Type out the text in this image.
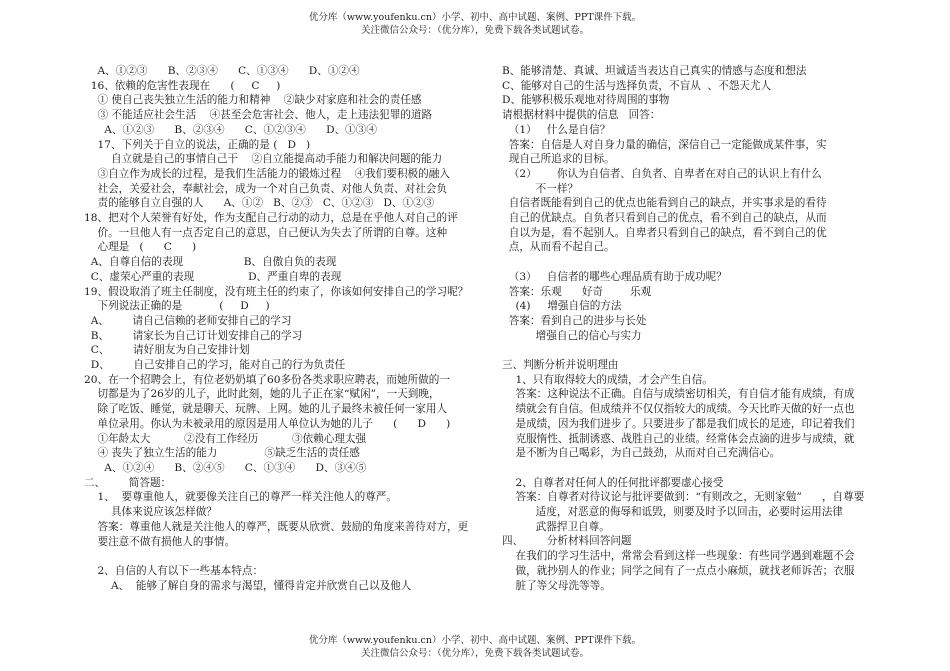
优分库（www.youfenku.cn）小学、初中、高中试题、案例、PPT课件下载。
关注微信公众号：（优分库），免费下载各类试题试卷。
A、①②③      B、②③④      C、①③④      D、①②④
16、依赖的危害性表现在      (     C     )
① 使自己丧失独立生活的能力和精神    ②缺少对家庭和社会的责任感
③ 不能适应社会生活    ④甚至会危害社会、他人，走上违法犯罪的道路
A、①②③      B、②③④      C、①②③④      D、①③④
17、下列关于自立的说法，正确的是 (   D   )
自立就是自己的事情自己干    ②自立能提高动手能力和解决问题的能力
③自立作为成长的过程，是我们生活能力的锻炼过程    ④我们要积极的融入
社会，关爱社会，奉献社会，成为一个对自己负责、对他人负责、对社会负
责的能够自立自强的人      A、①②   B、②③   C、①②③   D、①②③
18、把对个人荣誉有好处，作为支配自己行动的动力，总是在乎他人对自己的评
价。一旦他人有一点否定自己的意思，自己便认为失去了所谓的自尊。这种
心理是   (      C      )
A、自尊自信的表现                  B、自傲自负的表现
C、虚荣心严重的表现                D、严重自卑的表现
19、假设取消了班主任制度，没有班主任的约束了，你该如何安排自己的学习呢？
下列说法正确的是           (     D     )
A、       请自己信赖的老师安排自己的学习
B、       请家长为自己订计划安排自己的学习
C、       请好朋友为自己安排计划
D、       自己安排自己的学习，能对自己的行为负责任
20、在一个招聘会上，有位老奶奶填了60多份各类求职应聘表，而她所做的一
切都是为了26岁的儿子，此时此刻，她的儿子正在家“赋闲”，一天到晚，
除了吃饭、睡觉，就是聊天、玩牌、上网。她的儿子最终未被任何一家用人
单位录用。你认为未被录用的原因是用人单位认为她的儿子      (      D      )
①年龄太大          ②没有工作经历          ③依赖心理太强
④ 丧失了独立生活的能力              ⑤缺乏生活的责任感
A、①②④      B、②④⑤      C、①③④      D、③④⑤
二、       简答题：
1、  要尊重他人，就要像关注自己的尊严一样关注他人的尊严。
具体来说应该怎样做？
答案：尊重他人就是关注他人的尊严，既要从欣赏、鼓励的角度来善待对方，更
要注意不做有损他人的事情。
2、自信的人有以下一些基本特点：
A、  能够了解自身的需求与渴望，懂得肯定并欣赏自己以及他人
B、能够清楚、真诚、坦诚适当表达自己真实的情感与态度和想法
C、能够对自己的生活与选择负责，不盲从  、不怨天尤人
D、能够积极乐观地对待周围的事物
请根据材料中提供的信息   回答：
（1）   什么是自信？
答案：自信是人对自身力量的确信，深信自己一定能做成某件事，实
现自己所追求的目标。
（2）      你认为自信者、自负者、自卑者在对自己的认识上有什么
不一样？
自信者既能看到自己的优点也能看到自己的缺点，并实事求是的看待
自己的优缺点。自负者只看到自己的优点，看不到自己的缺点，从而
自以为是，看不起别人。自卑者只看到自己的缺点，看不到自己的优
点，从而看不起自己。
（3）   自信者的哪些心理品质有助于成功呢？
答案：乐观      好奇        乐观
(4)     增强自信的方法
答案：看到自己的进步与长处
增强自己的信心与实力
三、判断分析并说明理由
1、只有取得较大的成绩，才会产生自信。
答案：这种说法不正确。自信与成绩密切相关，有自信才能有成绩，有成
绩就会有自信。但成绩并不仅仅指较大的成绩。今天比昨天做的好一点也
是成绩，因为我们进步了。只要进步了都是我们成长的足迹，印记着我们
克服惰性、抵制诱惑、战胜自己的业绩。经常体会点滴的进步与成绩，就
是不断为自己喝彩，为自己鼓劲，从而对自己充满信心。
2、自尊者对任何人的任何批评都要虚心接受
答案：自尊者对待议论与批评要做到：“有则改之，无则家勉”      ，自尊要
适度，对恶意的侮辱和诋毁，则要及时予以回击，必要时运用法律
武器捍卫自尊。
四、       分析材料回答问题
在我们的学习生活中，常常会看到这样一些现象：有些同学遇到难题不会
做，就抄别人的作业；同学之间有了一点点小麻烦，就找老师诉苦；衣服
脏了等父母洗等等。
优分库（www.youfenku.cn）小学、初中、高中试题、案例、PPT课件下载。
关注微信公众号：（优分库），免费下载各类试题试卷。
